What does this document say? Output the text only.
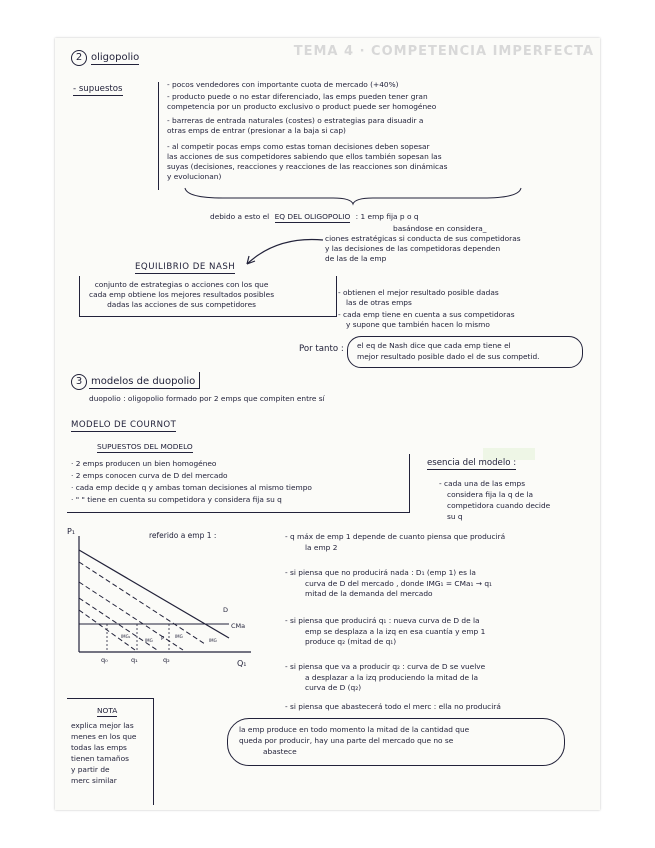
TEMA 4 · COMPETENCIA IMPERFECTA
2 oligopolio
- supuestos	- pocos vendedores con importante cuota de mercado (+40%)
- producto puede o no estar diferenciado, las emps pueden tener gran
competencia por un producto exclusivo o product puede ser homogéneo
- barreras de entrada naturales (costes) o estrategias para disuadir a
otras emps de entrar (presionar a la baja si cap)
- al competir pocas emps como estas toman decisiones deben sopesar
las acciones de sus competidores sabiendo que ellos también sopesan las
suyas (decisiones, reacciones y reacciones de las reacciones son dinámicas
y evolucionan)
debido a esto el EQ DEL OLIGOPOLIO : 1 emp fija p o q
basándose en considera_
ciones estratégicas si conducta de sus competidoras
y las decisiones de las competidoras dependen
de las de la emp
EQUILIBRIO DE NASH
conjunto de estrategias o acciones con los que
cada emp obtiene los mejores resultados posibles
dadas las acciones de sus competidores
- obtienen el mejor resultado posible dadas
las de otras emps
- cada emp tiene en cuenta a sus competidoras
y supone que también hacen lo mismo
Por tanto : el eq de Nash dice que cada emp tiene el
mejor resultado posible dado el de sus competid.
3 modelos de duopolio
duopolio : oligopolio formado por 2 emps que compiten entre sí
MODELO DE COURNOT
SUPUESTOS DEL MODELO
· 2 emps producen un bien homogéneo
· 2 emps conocen curva de D del mercado
· cada emp decide q y ambas toman decisiones al mismo tiempo
· " " tiene en cuenta su competidora y considera fija su q
esencia del modelo :
- cada una de las emps
considera fija la q de la
competidora cuando decide
su q
P₁	referido a emp 1 :
Q₁
D
CMa
P
IMG₁
IMG
IMG
IMG
q₀	q₁	q₂
- q máx de emp 1 depende de cuanto piensa que producirá
la emp 2
- si piensa que no producirá nada : D₁ (emp 1) es la
curva de D del mercado , donde IMG₁ = CMa₁ → q₁
mitad de la demanda del mercado
- si piensa que producirá q₁ : nueva curva de D de la
emp se desplaza a la izq en esa cuantía y emp 1
produce q₂ (mitad de q₁)
- si piensa que va a producir q₂ : curva de D se vuelve
a desplazar a la izq produciendo la mitad de la
curva de D (q₂)
- si piensa que abastecerá todo el merc : ella no producirá
NOTA
explica mejor las
menes en los que
todas las emps
tienen tamaños
y partir de
merc similar
la emp produce en todo momento la mitad de la cantidad que
queda por producir, hay una parte del mercado que no se
abastece
